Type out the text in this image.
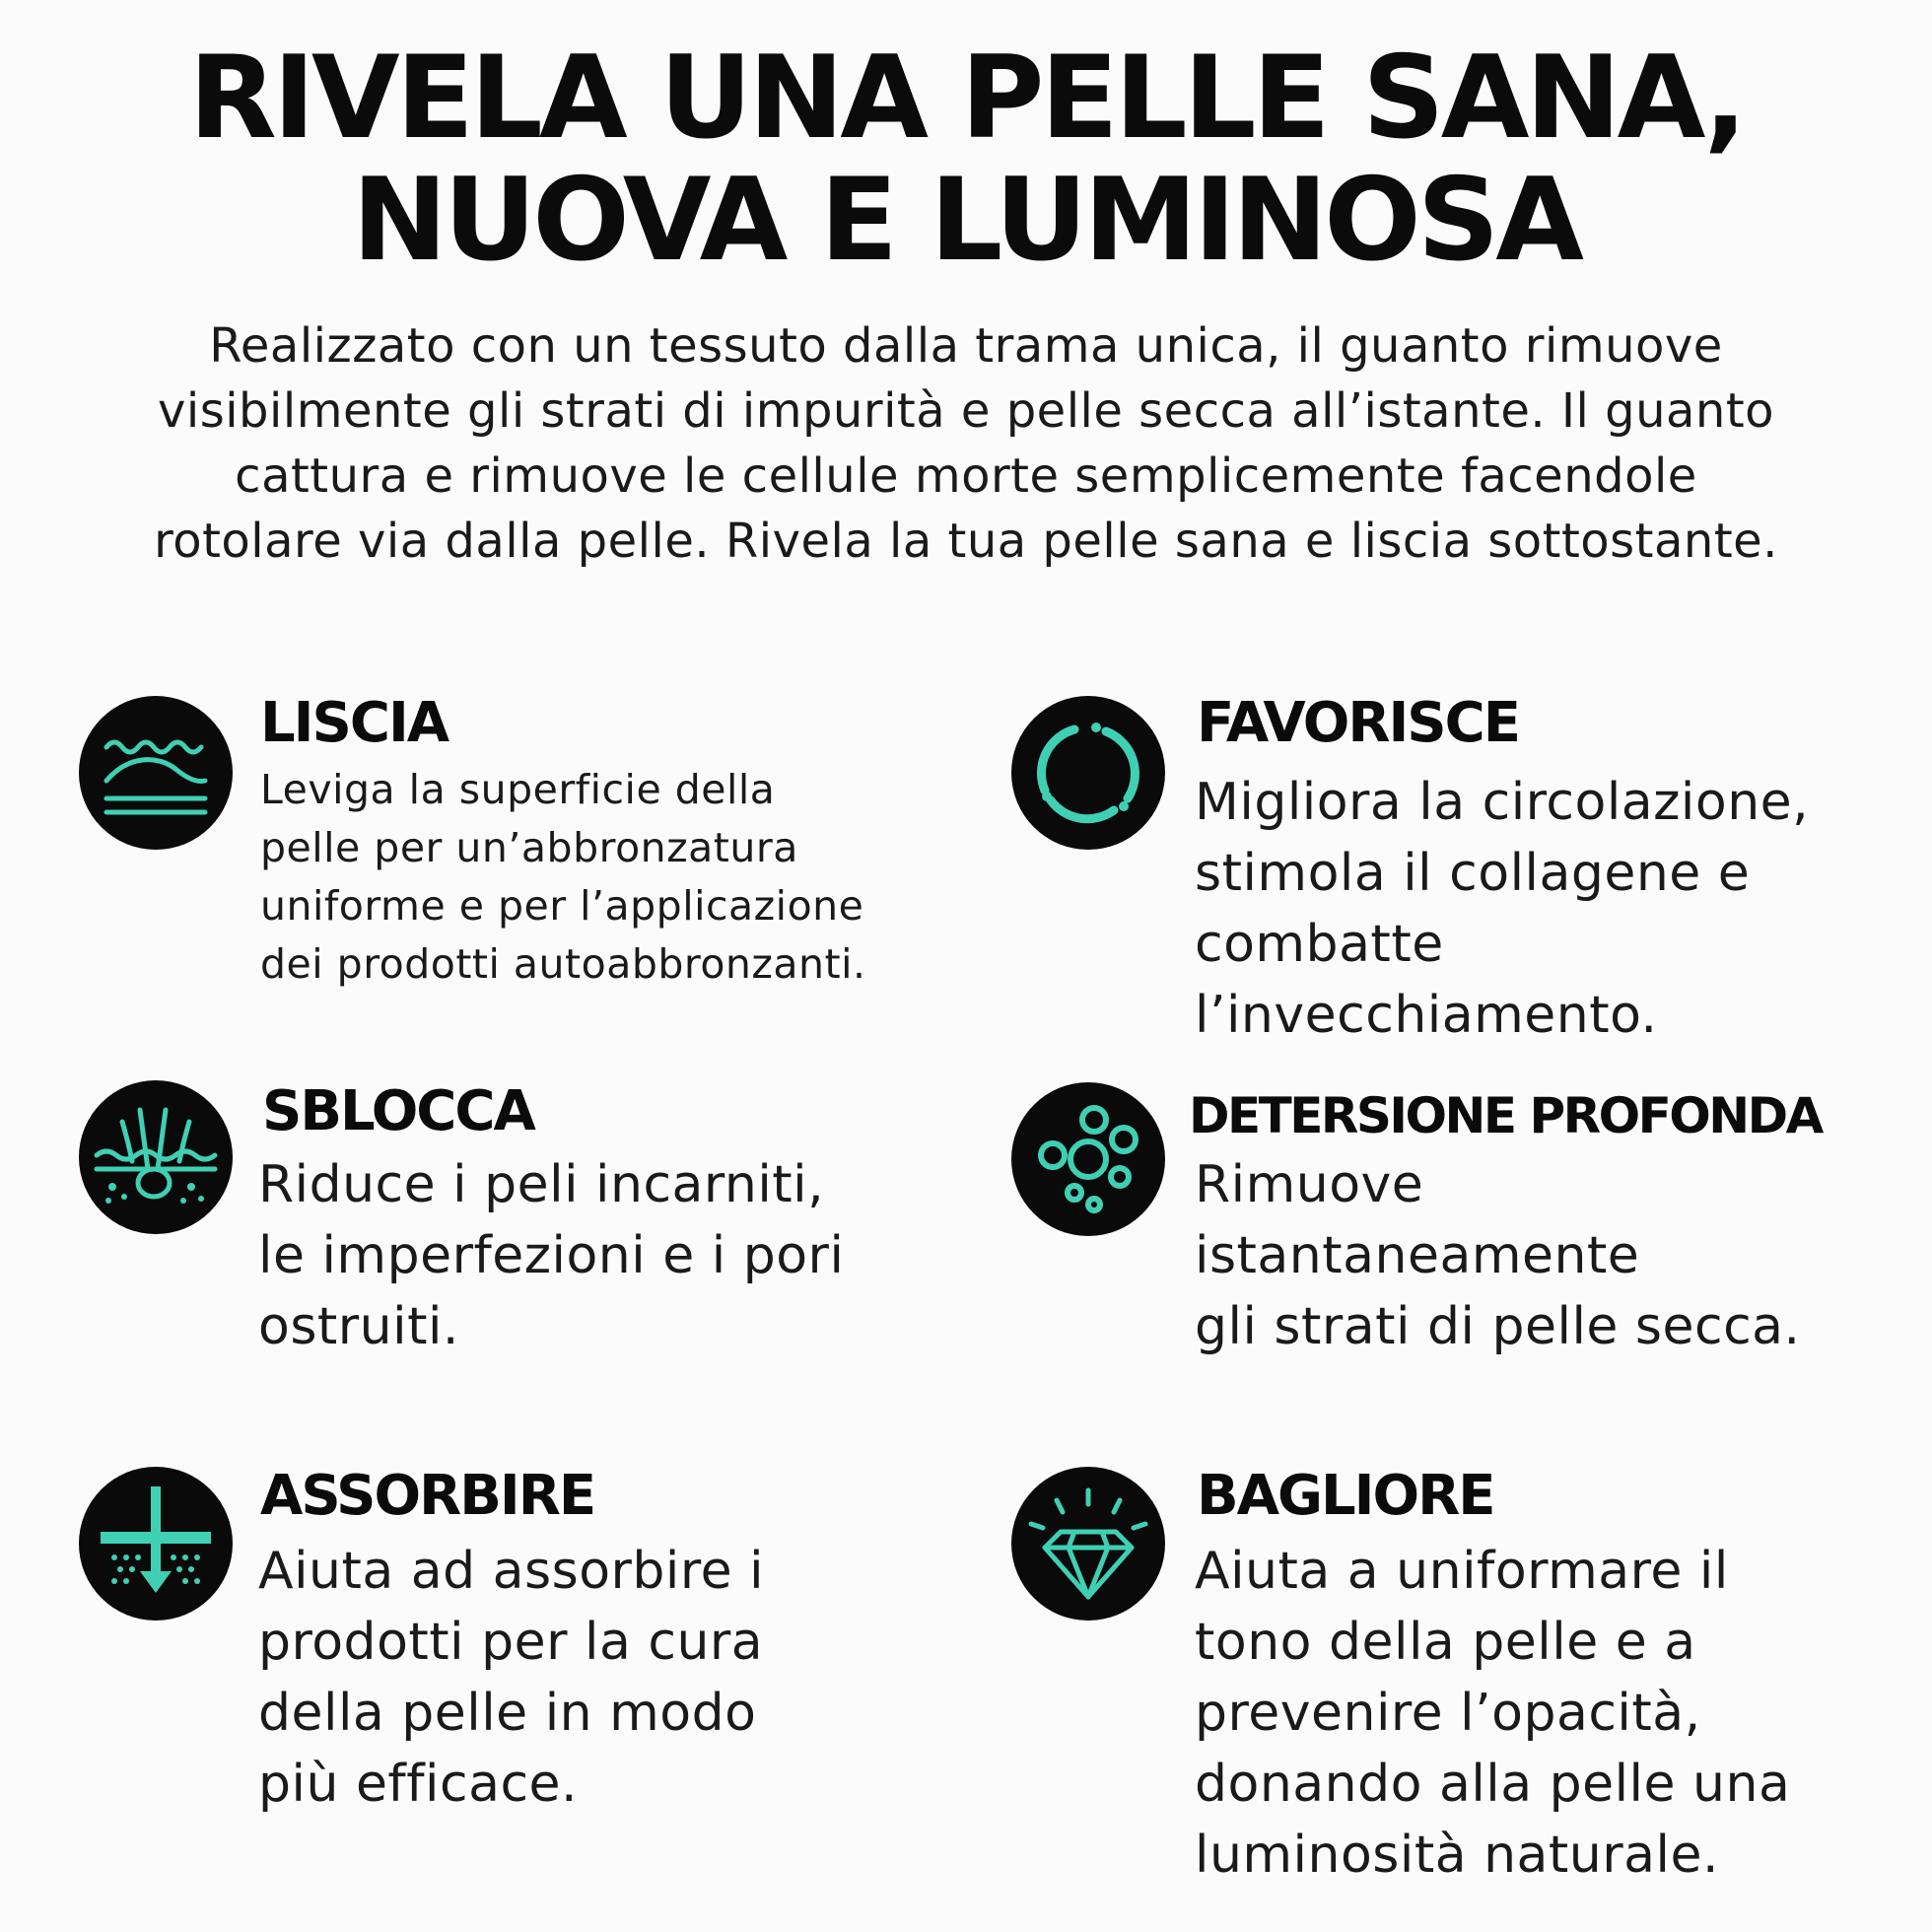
RIVELA UNA PELLE SANA,
NUOVA E LUMINOSA
Realizzato con un tessuto dalla trama unica, il guanto rimuove
visibilmente gli strati di impurità e pelle secca all’istante. Il guanto
cattura e rimuove le cellule morte semplicemente facendole
rotolare via dalla pelle. Rivela la tua pelle sana e liscia sottostante.
LISCIA
Leviga la superficie della
pelle per un’abbronzatura
uniforme e per l’applicazione
dei prodotti autoabbronzanti.
FAVORISCE
Migliora la circolazione,
stimola il collagene e
combatte
l’invecchiamento.
SBLOCCA
Riduce i peli incarniti,
le imperfezioni e i pori
ostruiti.
DETERSIONE PROFONDA
Rimuove
istantaneamente
gli strati di pelle secca.
ASSORBIRE
Aiuta ad assorbire i
prodotti per la cura
della pelle in modo
più efficace.
BAGLIORE
Aiuta a uniformare il
tono della pelle e a
prevenire l’opacità,
donando alla pelle una
luminosità naturale.
